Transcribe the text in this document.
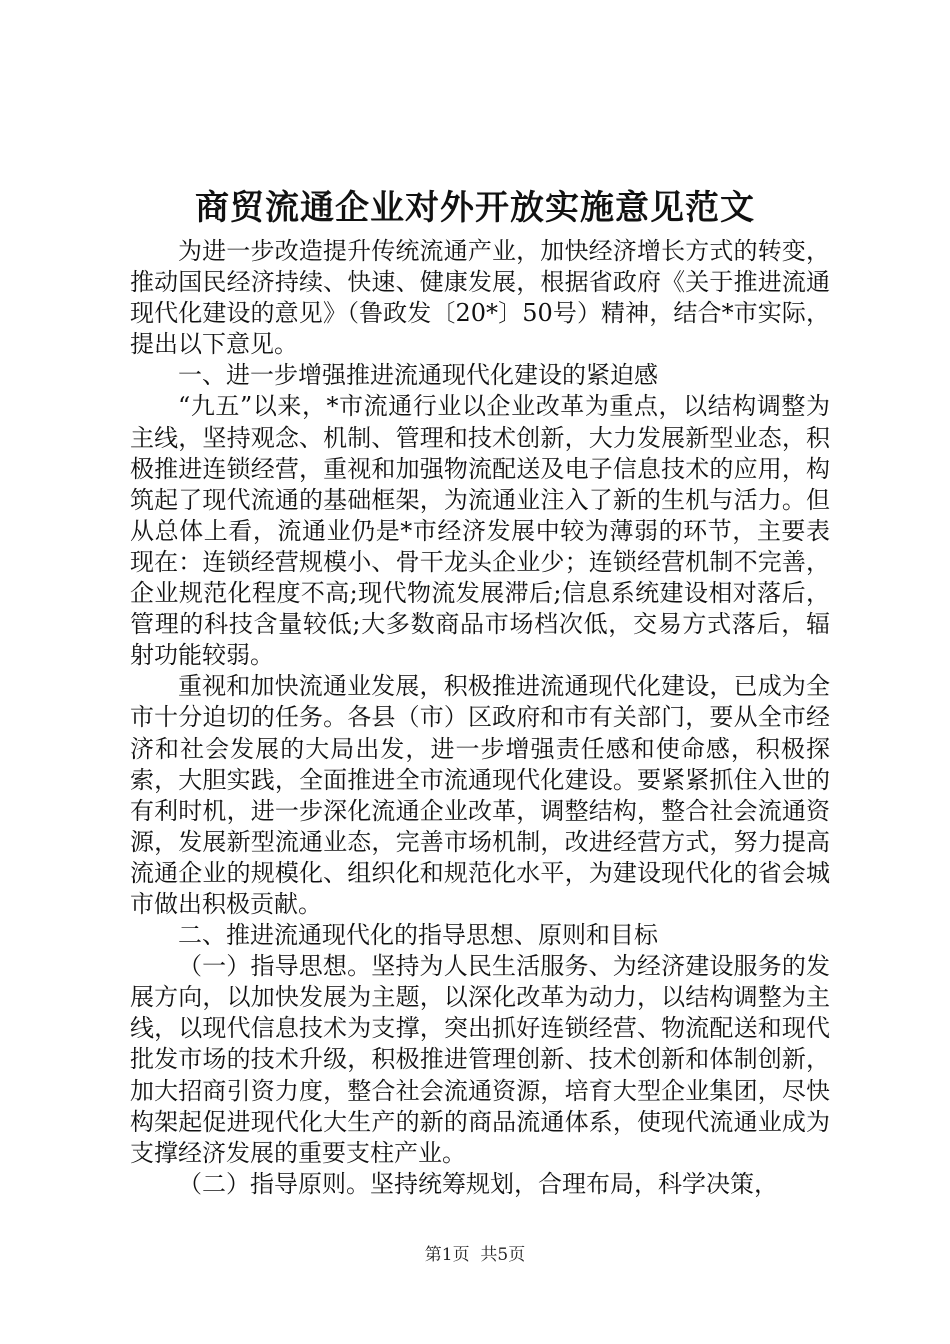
商贸流通企业对外开放实施意见范文

为进一步改造提升传统流通产业，加快经济增长方式的转变，推动国民经济持续、快速、健康发展，根据省政府《关于推进流通现代化建设的意见》（鲁政发〔20*〕50号）精神，结合*市实际，提出以下意见。

一、进一步增强推进流通现代化建设的紧迫感

“九五”以来，*市流通行业以企业改革为重点，以结构调整为主线，坚持观念、机制、管理和技术创新，大力发展新型业态，积极推进连锁经营，重视和加强物流配送及电子信息技术的应用，构筑起了现代流通的基础框架，为流通业注入了新的生机与活力。但从总体上看，流通业仍是*市经济发展中较为薄弱的环节，主要表现在：连锁经营规模小、骨干龙头企业少；连锁经营机制不完善，企业规范化程度不高;现代物流发展滞后;信息系统建设相对落后，管理的科技含量较低;大多数商品市场档次低，交易方式落后，辐射功能较弱。

重视和加快流通业发展，积极推进流通现代化建设，已成为全市十分迫切的任务。各县（市）区政府和市有关部门，要从全市经济和社会发展的大局出发，进一步增强责任感和使命感，积极探索，大胆实践，全面推进全市流通现代化建设。要紧紧抓住入世的有利时机，进一步深化流通企业改革，调整结构，整合社会流通资源，发展新型流通业态，完善市场机制，改进经营方式，努力提高流通企业的规模化、组织化和规范化水平，为建设现代化的省会城市做出积极贡献。

二、推进流通现代化的指导思想、原则和目标

（一）指导思想。坚持为人民生活服务、为经济建设服务的发展方向，以加快发展为主题，以深化改革为动力，以结构调整为主线，以现代信息技术为支撑，突出抓好连锁经营、物流配送和现代批发市场的技术升级，积极推进管理创新、技术创新和体制创新，加大招商引资力度，整合社会流通资源，培育大型企业集团，尽快构架起促进现代化大生产的新的商品流通体系，使现代流通业成为支撑经济发展的重要支柱产业。

（二）指导原则。坚持统筹规划，合理布局，科学决策，

第1页 共5页
